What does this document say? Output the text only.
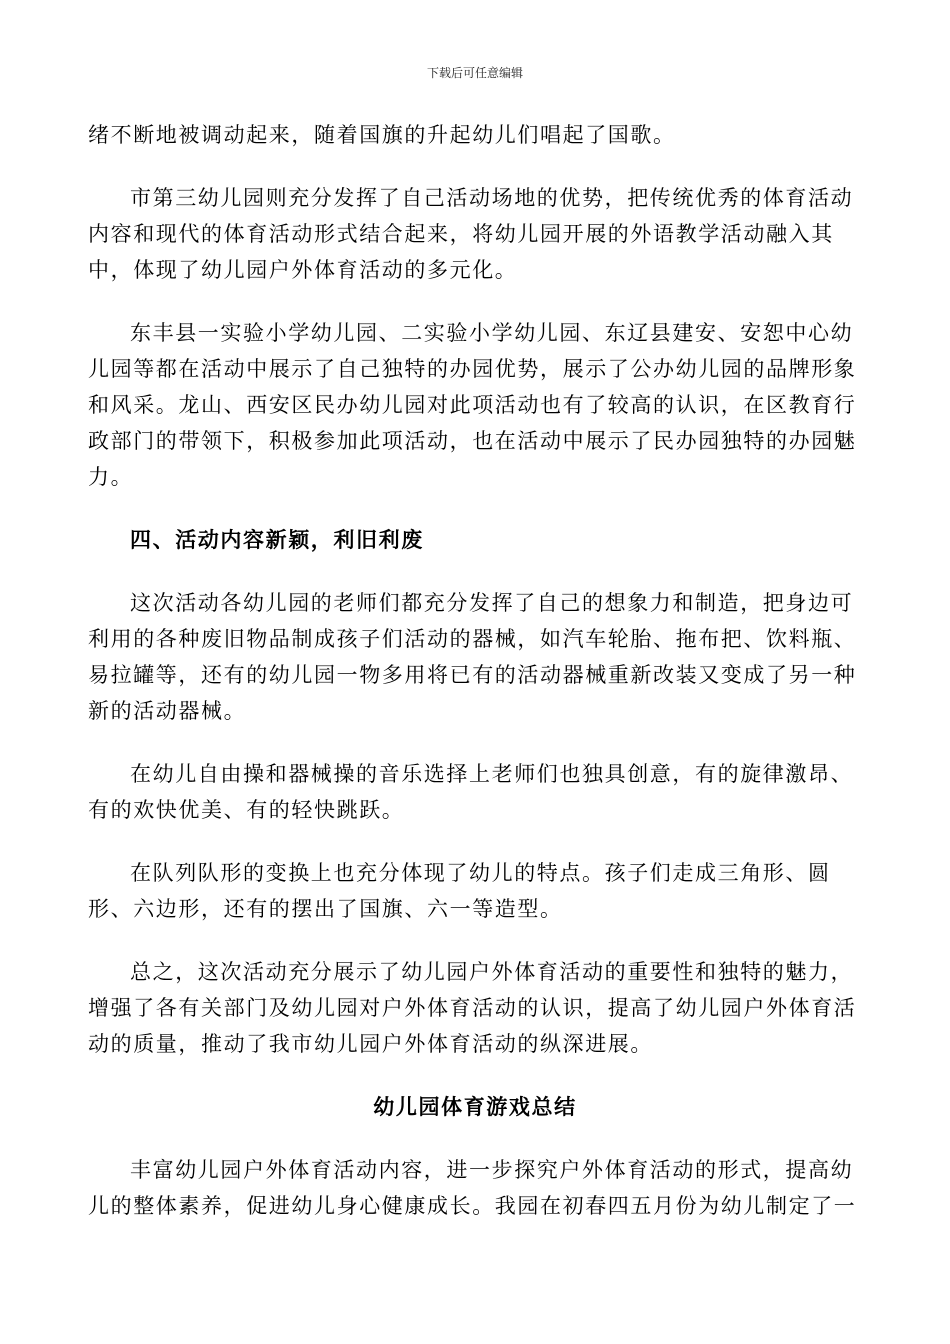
下载后可任意编辑

绪不断地被调动起来，随着国旗的升起幼儿们唱起了国歌。

市第三幼儿园则充分发挥了自己活动场地的优势，把传统优秀的体育活动内容和现代的体育活动形式结合起来，将幼儿园开展的外语教学活动融入其中，体现了幼儿园户外体育活动的多元化。

东丰县一实验小学幼儿园、二实验小学幼儿园、东辽县建安、安恕中心幼儿园等都在活动中展示了自己独特的办园优势，展示了公办幼儿园的品牌形象和风采。龙山、西安区民办幼儿园对此项活动也有了较高的认识，在区教育行政部门的带领下，积极参加此项活动，也在活动中展示了民办园独特的办园魅力。

四、活动内容新颖，利旧利废

这次活动各幼儿园的老师们都充分发挥了自己的想象力和制造，把身边可利用的各种废旧物品制成孩子们活动的器械，如汽车轮胎、拖布把、饮料瓶、易拉罐等，还有的幼儿园一物多用将已有的活动器械重新改装又变成了另一种新的活动器械。

在幼儿自由操和器械操的音乐选择上老师们也独具创意，有的旋律激昂、有的欢快优美、有的轻快跳跃。

在队列队形的变换上也充分体现了幼儿的特点。孩子们走成三角形、圆形、六边形，还有的摆出了国旗、六一等造型。

总之，这次活动充分展示了幼儿园户外体育活动的重要性和独特的魅力，增强了各有关部门及幼儿园对户外体育活动的认识，提高了幼儿园户外体育活动的质量，推动了我市幼儿园户外体育活动的纵深进展。

幼儿园体育游戏总结

丰富幼儿园户外体育活动内容，进一步探究户外体育活动的形式，提高幼儿的整体素养，促进幼儿身心健康成长。我园在初春四五月份为幼儿制定了一
